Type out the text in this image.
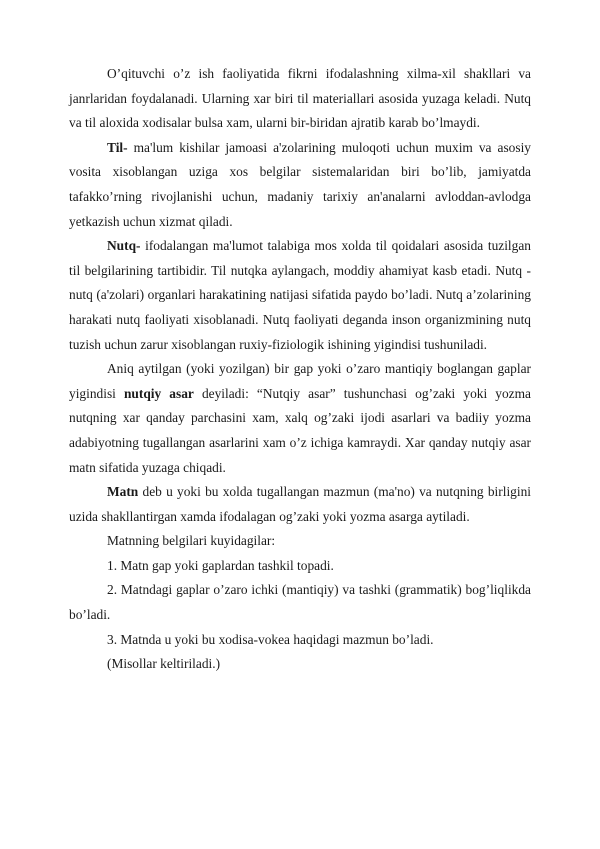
O’qituvchi o’z ish faoliyatida fikrni ifodalashning xilma-xil shakllari va janrlaridan foydalanadi. Ularning xar biri til materiallari asosida yuzaga keladi. Nutq va til aloxida xodisalar bulsa xam, ularni bir-biridan ajratib karab bo’lmaydi.

Til- ma'lum kishilar jamoasi a'zolarining muloqoti uchun muxim va asosiy vosita xisoblangan uziga xos belgilar sistemalaridan biri bo’lib, jamiyatda tafakko’rning rivojlanishi uchun, madaniy tarixiy an'analarni avloddan-avlodga yetkazish uchun xizmat qiladi.

Nutq- ifodalangan ma'lumot talabiga mos xolda til qoidalari asosida tuzilgan til belgilarining tartibidir. Til nutqka aylangach, moddiy ahamiyat kasb etadi. Nutq - nutq (a'zolari) organlari harakatining natijasi sifatida paydo bo’ladi. Nutq a’zolarining harakati nutq faoliyati xisoblanadi. Nutq faoliyati deganda inson organizmining nutq tuzish uchun zarur xisoblangan ruxiy-fiziologik ishining yigindisi tushuniladi.

Aniq aytilgan (yoki yozilgan) bir gap yoki o’zaro mantiqiy boglangan gaplar yigindisi nutqiy asar deyiladi: “Nutqiy asar” tushunchasi og’zaki yoki yozma nutqning xar qanday parchasini xam, xalq og’zaki ijodi asarlari va badiiy yozma adabiyotning tugallangan asarlarini xam o’z ichiga kamraydi. Xar qanday nutqiy asar matn sifatida yuzaga chiqadi.

Matn deb u yoki bu xolda tugallangan mazmun (ma'no) va nutqning birligini uzida shakllantirgan xamda ifodalagan og’zaki yoki yozma asarga aytiladi.

Matnning belgilari kuyidagilar:

1. Matn gap yoki gaplardan tashkil topadi.

2. Matndagi gaplar o’zaro ichki (mantiqiy) va tashki (grammatik) bog’liqlikda bo’ladi.

3. Matnda u yoki bu xodisa-vokea haqidagi mazmun bo’ladi.

(Misollar keltiriladi.)
